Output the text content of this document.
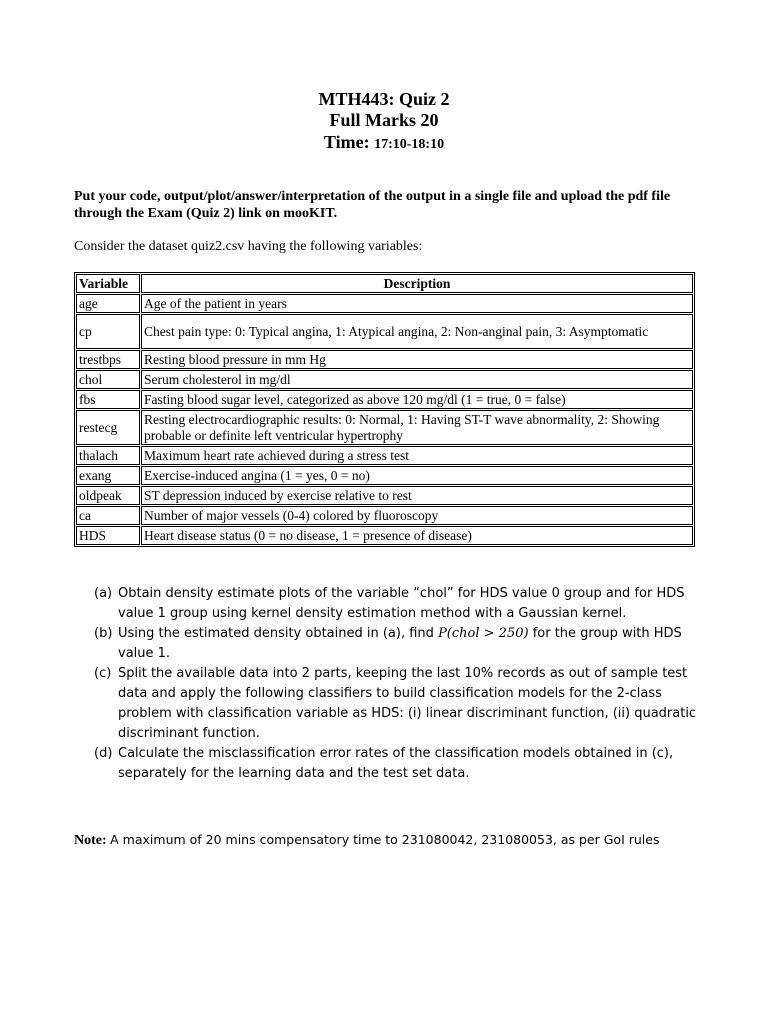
MTH443: Quiz 2
Full Marks 20
Time: 17:10-18:10
Put your code, output/plot/answer/interpretation of the output in a single file and upload the pdf file through the Exam (Quiz 2) link on mooKIT.
Consider the dataset quiz2.csv having the following variables:
Variable	Description
age	Age of the patient in years
cp	Chest pain type: 0: Typical angina, 1: Atypical angina, 2: Non-anginal pain, 3: Asymptomatic
trestbps	Resting blood pressure in mm Hg
chol	Serum cholesterol in mg/dl
fbs	Fasting blood sugar level, categorized as above 120 mg/dl (1 = true, 0 = false)
restecg	Resting electrocardiographic results: 0: Normal, 1: Having ST-T wave abnormality, 2: Showing probable or definite left ventricular hypertrophy
thalach	Maximum heart rate achieved during a stress test
exang	Exercise-induced angina (1 = yes, 0 = no)
oldpeak	ST depression induced by exercise relative to rest
ca	Number of major vessels (0-4) colored by fluoroscopy
HDS	Heart disease status (0 = no disease, 1 = presence of disease)
(a) Obtain density estimate plots of the variable “chol” for HDS value 0 group and for HDS value 1 group using kernel density estimation method with a Gaussian kernel.
(b) Using the estimated density obtained in (a), find P(chol > 250) for the group with HDS value 1.
(c) Split the available data into 2 parts, keeping the last 10% records as out of sample test data and apply the following classifiers to build classification models for the 2-class problem with classification variable as HDS: (i) linear discriminant function, (ii) quadratic discriminant function.
(d) Calculate the misclassification error rates of the classification models obtained in (c), separately for the learning data and the test set data.
Note: A maximum of 20 mins compensatory time to 231080042, 231080053, as per GoI rules
